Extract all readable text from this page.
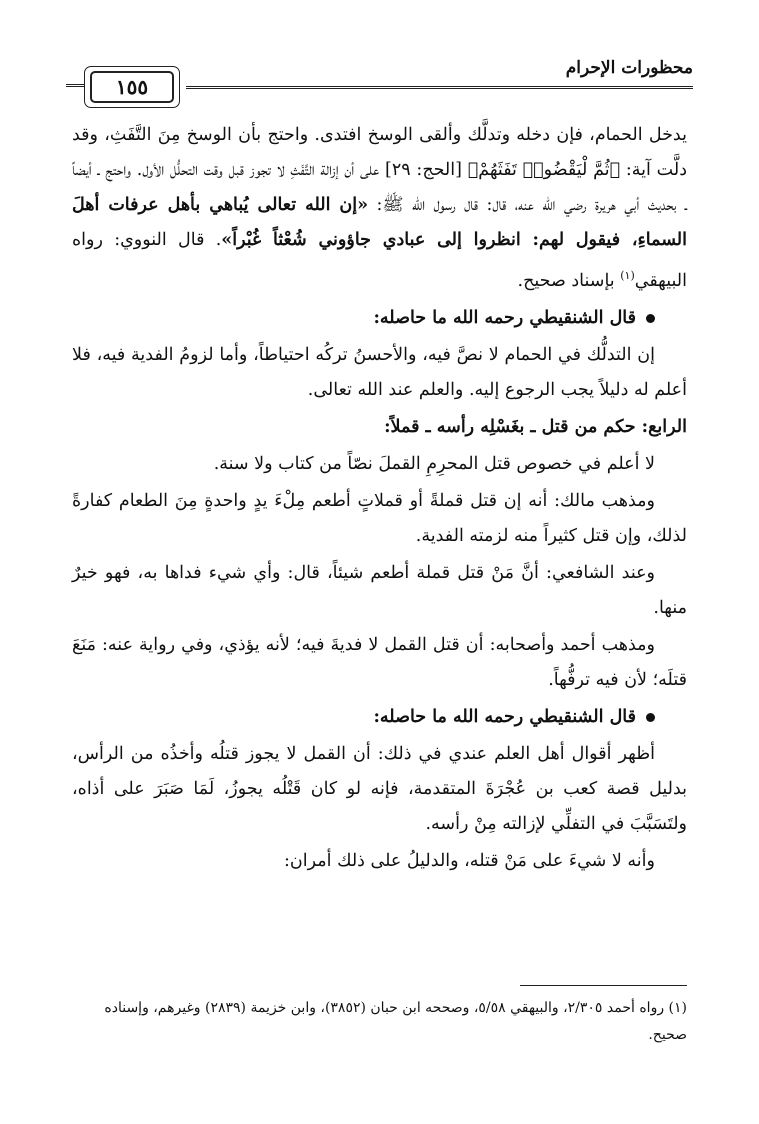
محظورات الإحرام
١٥٥

يدخل الحمام، فإن دخله وتدلَّك وألقى الوسخ افتدى. واحتج بأن الوسخ مِنَ التَّفَثِ، وقد دلَّت آية: ﴿ثُمَّ لْيَقْضُوا۟ تَفَثَهُمْ﴾ [الحج: ٢٩] على أن إزالة التَّفَثِ لا تجوز قبل وقت التحلُّل الأول. واحتج ـ أيضاً ـ بحديث أبي هريرة رضي الله عنه، قال: قال رسول الله ﷺ: «إن الله تعالى يُباهي بأهل عرفات أهلَ السماءِ، فيقول لهم: انظروا إلى عبادي جاؤوني شُعْثاً غُبْراً». قال النووي: رواه البيهقي$^{(١)}$ بإسناد صحيح.

قال الشنقيطي رحمه الله ما حاصله:

إن التدلُّك في الحمام لا نصَّ فيه، والأحسنُ تركُه احتياطاً، وأما لزومُ الفدية فيه، فلا أعلم له دليلاً يجب الرجوع إليه. والعلم عند الله تعالى.

الرابع: حكم من قتل ـ بغَسْلِه رأسه ـ قملاً:

لا أعلم في خصوص قتل المحرِمِ القملَ نصّاً من كتاب ولا سنة.

ومذهب مالك: أنه إن قتل قملةً أو قملاتٍ أطعم مِلْءَ يدٍ واحدةٍ مِنَ الطعام كفارةً لذلك، وإن قتل كثيراً منه لزمته الفدية.

وعند الشافعي: أنَّ مَنْ قتل قملة أطعم شيئاً، قال: وأي شيء فداها به، فهو خيرٌ منها.

ومذهب أحمد وأصحابه: أن قتل القمل لا فديةَ فيه؛ لأنه يؤذي، وفي رواية عنه: مَنَعَ قتلَه؛ لأن فيه ترفُّهاً.

قال الشنقيطي رحمه الله ما حاصله:

أظهر أقوال أهل العلم عندي في ذلك: أن القمل لا يجوز قتلُه وأخذُه من الرأس، بدليل قصة كعب بن عُجْرَةَ المتقدمة، فإنه لو كان قَتْلُه يجوزُ، لَمَا صَبَرَ على أذاه، ولتَسَبَّبَ في التفلِّي لإزالته مِنْ رأسه.

وأنه لا شيءَ على مَنْ قتله، والدليلُ على ذلك أمران:

(١) رواه أحمد ٢/٣٠٥، والبيهقي ٥/٥٨، وصححه ابن حبان (٣٨٥٢)، وابن خزيمة (٢٨٣٩) وغيرهم، وإسناده صحيح.
